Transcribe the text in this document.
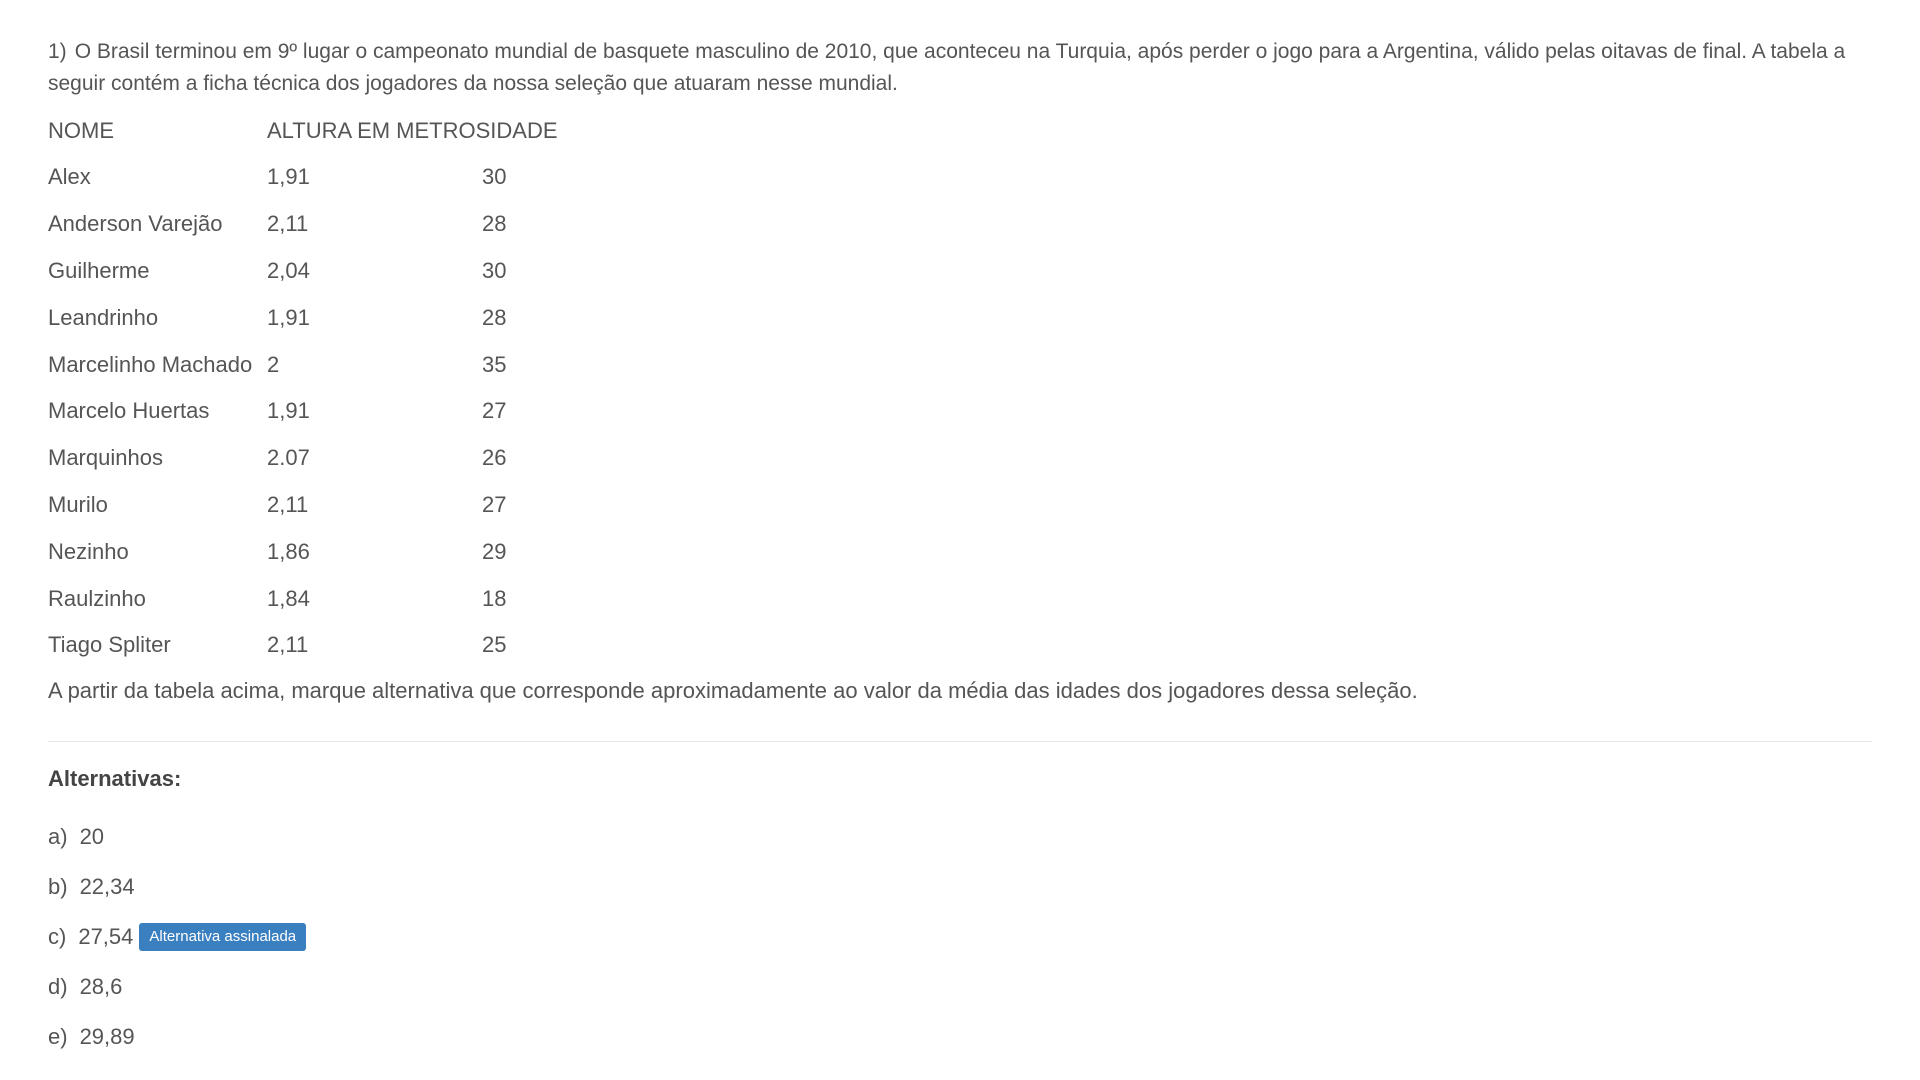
1) O Brasil terminou em 9º lugar o campeonato mundial de basquete masculino de 2010, que aconteceu na Turquia, após perder o jogo para a Argentina, válido pelas oitavas de final. A tabela a seguir contém a ficha técnica dos jogadores da nossa seleção que atuaram nesse mundial.

NOME	ALTURA EM METROS IDADE
Alex	1,91	30
Anderson Varejão	2,11	28
Guilherme	2,04	30
Leandrinho	1,91	28
Marcelinho Machado 2	35
Marcelo Huertas	1,91	27
Marquinhos	2.07	26
Murilo	2,11	27
Nezinho	1,86	29
Raulzinho	1,84	18
Tiago Spliter	2,11	25

A partir da tabela acima, marque alternativa que corresponde aproximadamente ao valor da média das idades dos jogadores dessa seleção.

Alternativas:
a) 20
b) 22,34
c) 27,54	Alternativa assinalada
d) 28,6
e) 29,89
